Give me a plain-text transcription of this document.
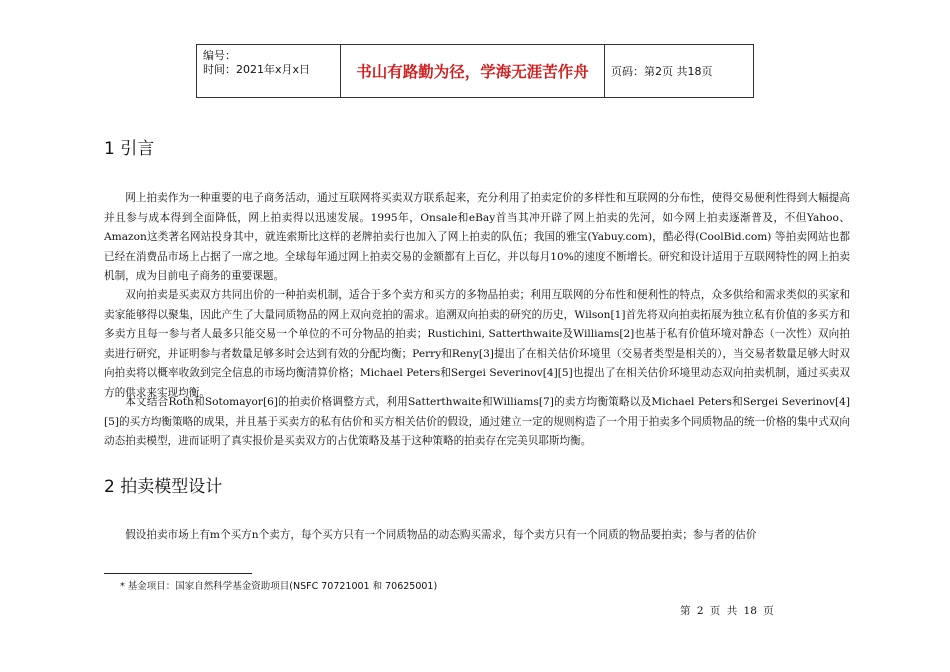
编号：
时间：2021年x月x日	书山有路勤为径，学海无涯苦作舟	页码：第2页 共18页
1 引言

网上拍卖作为一种重要的电子商务活动，通过互联网将买卖双方联系起来，充分利用了拍卖定价的多样性和互联网的分布性，使得交易便利性得到大幅提高并且参与成本得到全面降低，网上拍卖得以迅速发展。1995年，Onsale和eBay首当其冲开辟了网上拍卖的先河，如今网上拍卖逐渐普及，不但Yahoo、Amazon这类著名网站投身其中，就连索斯比这样的老牌拍卖行也加入了网上拍卖的队伍；我国的雅宝(Yabuy.com)，酷必得(CoolBid.com) 等拍卖网站也都已经在消费品市场上占据了一席之地。全球每年通过网上拍卖交易的金额都有上百亿，并以每月10%的速度不断增长。研究和设计适用于互联网特性的网上拍卖机制，成为目前电子商务的重要课题。

双向拍卖是买卖双方共同出价的一种拍卖机制，适合于多个卖方和买方的多物品拍卖；利用互联网的分布性和便利性的特点，众多供给和需求类似的买家和卖家能够得以聚集，因此产生了大量同质物品的网上双向竞拍的需求。追溯双向拍卖的研究的历史，Wilson[1]首先将双向拍卖拓展为独立私有价值的多买方和多卖方且每一参与者人最多只能交易一个单位的不可分物品的拍卖；Rustichini, Satterthwaite及Williams[2]也基于私有价值环境对静态（一次性）双向拍卖进行研究，并证明参与者数量足够多时会达到有效的分配均衡；Perry和Reny[3]提出了在相关估价环境里（交易者类型是相关的），当交易者数量足够大时双向拍卖将以概率收敛到完全信息的市场均衡清算价格；Michael Peters和Sergei Severinov[4][5]也提出了在相关估价环境里动态双向拍卖机制，通过买卖双方的供求来实现均衡。

本文结合Roth和Sotomayor[6]的拍卖价格调整方式，利用Satterthwaite和Williams[7]的卖方均衡策略以及Michael Peters和Sergei Severinov[4][5]的买方均衡策略的成果，并且基于买卖方的私有估价和买方相关估价的假设，通过建立一定的规则构造了一个用于拍卖多个同质物品的统一价格的集中式双向动态拍卖模型，进而证明了真实报价是买卖双方的占优策略及基于这种策略的拍卖存在完美贝耶斯均衡。

2 拍卖模型设计

假设拍卖市场上有m个买方n个卖方，每个买方只有一个同质物品的动态购买需求，每个卖方只有一个同质的物品要拍卖；参与者的估价

* 基金项目：国家自然科学基金资助项目(NSFC 70721001 和 70625001)
第 2 页 共 18 页
